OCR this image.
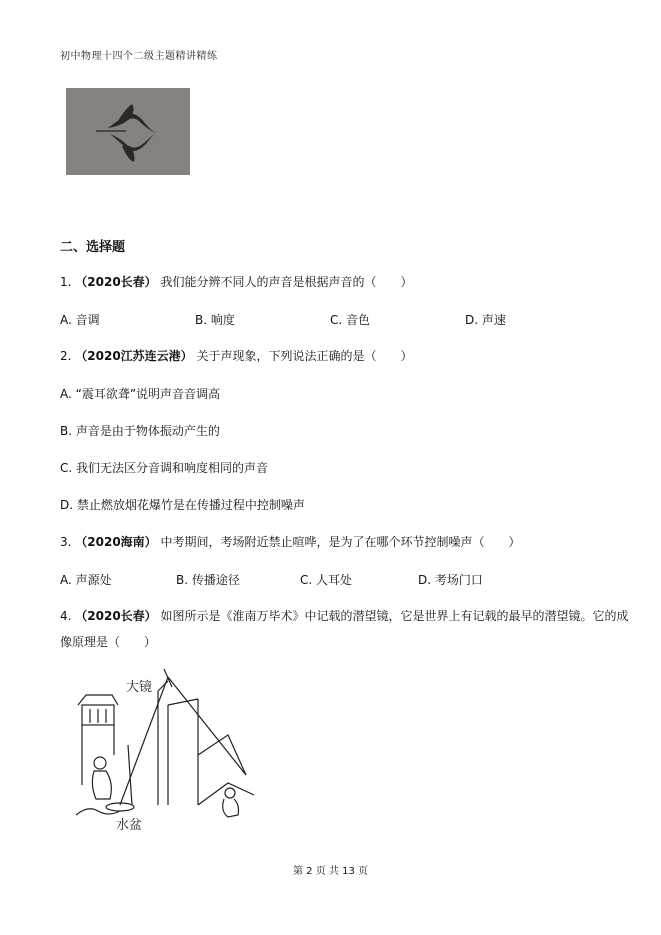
初中物理十四个二级主题精讲精练
二、选择题
1. （2020长春） 我们能分辨不同人的声音是根据声音的（　　）
A. 音调	B. 响度	C. 音色	D. 声速
2. （2020江苏连云港） 关于声现象，下列说法正确的是（　　）
A. “震耳欲聋”说明声音音调高
B. 声音是由于物体振动产生的
C. 我们无法区分音调和响度相同的声音
D. 禁止燃放烟花爆竹是在传播过程中控制噪声
3. （2020海南） 中考期间，考场附近禁止喧哗，是为了在哪个环节控制噪声（　　）
A. 声源处	B. 传播途径	C. 人耳处	D. 考场门口
4. （2020长春） 如图所示是《淮南万毕术》中记载的潜望镜，它是世界上有记载的最早的潜望镜。它的成
像原理是（　　）
大镜
水盆
第 2 页 共 13 页
